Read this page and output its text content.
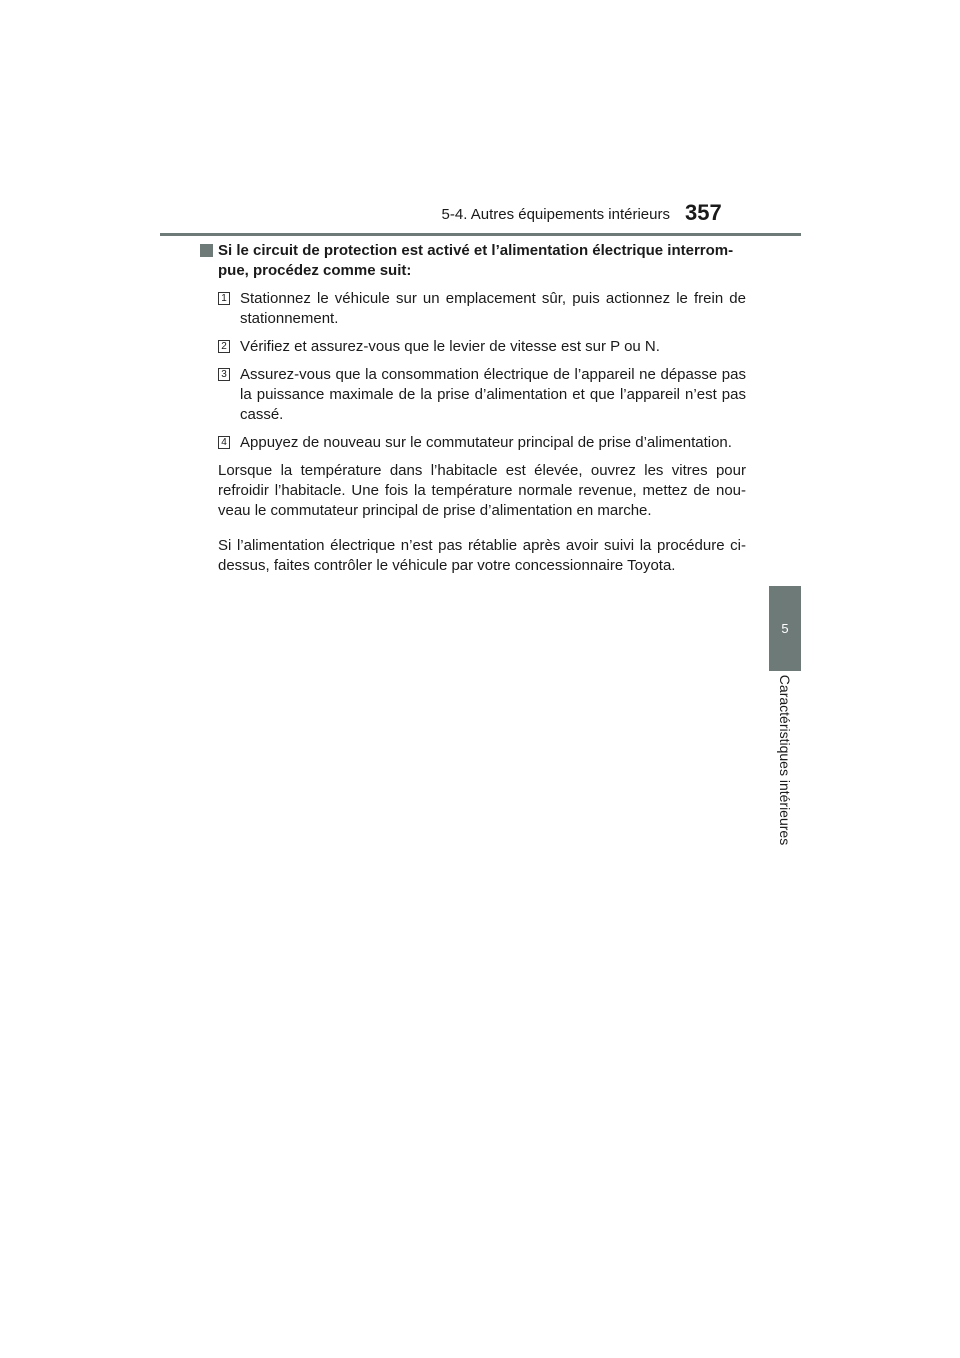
5-4. Autres équipements intérieurs 357
5
Caractéristiques intérieures

Si le circuit de protection est activé et l’alimentation électrique interrom-pue, procédez comme suit:

1 Stationnez le véhicule sur un emplacement sûr, puis actionnez le frein de stationnement.
2 Vérifiez et assurez-vous que le levier de vitesse est sur P ou N.
3 Assurez-vous que la consommation électrique de l’appareil ne dépasse pas la puissance maximale de la prise d’alimentation et que l’appareil n’est pas cassé.
4 Appuyez de nouveau sur le commutateur principal de prise d’alimentation.

Lorsque la température dans l’habitacle est élevée, ouvrez les vitres pour refroidir l’habitacle. Une fois la température normale revenue, mettez de nou-veau le commutateur principal de prise d’alimentation en marche.

Si l’alimentation électrique n’est pas rétablie après avoir suivi la procédure ci-dessus, faites contrôler le véhicule par votre concessionnaire Toyota.
